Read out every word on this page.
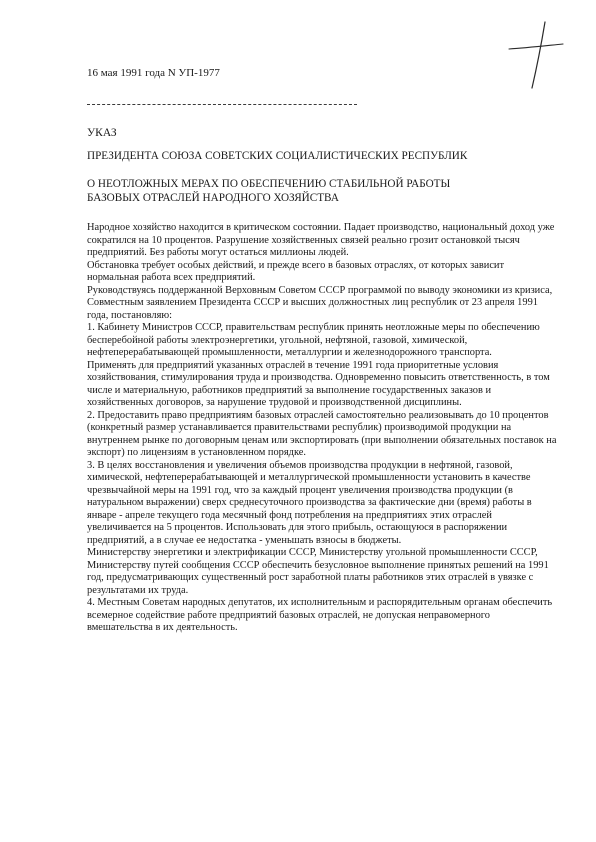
16 мая 1991 года N УП-1977
УКАЗ
ПРЕЗИДЕНТА СОЮЗА СОВЕТСКИХ СОЦИАЛИСТИЧЕСКИХ РЕСПУБЛИК
О НЕОТЛОЖНЫХ МЕРАХ ПО ОБЕСПЕЧЕНИЮ СТАБИЛЬНОЙ РАБОТЫ
БАЗОВЫХ ОТРАСЛЕЙ НАРОДНОГО ХОЗЯЙСТВА

Народное хозяйство находится в критическом состоянии. Падает производство, национальный доход уже сократился на 10 процентов. Разрушение хозяйственных связей реально грозит остановкой тысяч предприятий. Без работы могут остаться миллионы людей.

Обстановка требует особых действий, и прежде всего в базовых отраслях, от которых зависит нормальная работа всех предприятий.

Руководствуясь поддержанной Верховным Советом СССР программой по выводу экономики из кризиса, Совместным заявлением Президента СССР и высших должностных лиц республик от 23 апреля 1991 года, постановляю:

1. Кабинету Министров СССР, правительствам республик принять неотложные меры по обеспечению бесперебойной работы электроэнергетики, угольной, нефтяной, газовой, химической, нефтеперерабатывающей промышленности, металлургии и железнодорожного транспорта.

Применять для предприятий указанных отраслей в течение 1991 года приоритетные условия хозяйствования, стимулирования труда и производства. Одновременно повысить ответственность, в том числе и материальную, работников предприятий за выполнение государственных заказов и хозяйственных договоров, за нарушение трудовой и производственной дисциплины.

2. Предоставить право предприятиям базовых отраслей самостоятельно реализовывать до 10 процентов (конкретный размер устанавливается правительствами республик) производимой продукции на внутреннем рынке по договорным ценам или экспортировать (при выполнении обязательных поставок на экспорт) по лицензиям в установленном порядке.

3. В целях восстановления и увеличения объемов производства продукции в нефтяной, газовой, химической, нефтеперерабатывающей и металлургической промышленности установить в качестве чрезвычайной меры на 1991 год, что за каждый процент увеличения производства продукции (в натуральном выражении) сверх среднесуточного производства за фактические дни (время) работы в январе - апреле текущего года месячный фонд потребления на предприятиях этих отраслей увеличивается на 5 процентов. Использовать для этого прибыль, остающуюся в распоряжении предприятий, а в случае ее недостатка - уменьшать взносы в бюджеты.

Министерству энергетики и электрификации СССР, Министерству угольной промышленности СССР, Министерству путей сообщения СССР обеспечить безусловное выполнение принятых решений на 1991 год, предусматривающих существенный рост заработной платы работников этих отраслей в увязке с результатами их труда.

4. Местным Советам народных депутатов, их исполнительным и распорядительным органам обеспечить всемерное содействие работе предприятий базовых отраслей, не допуская неправомерного вмешательства в их деятельность.
